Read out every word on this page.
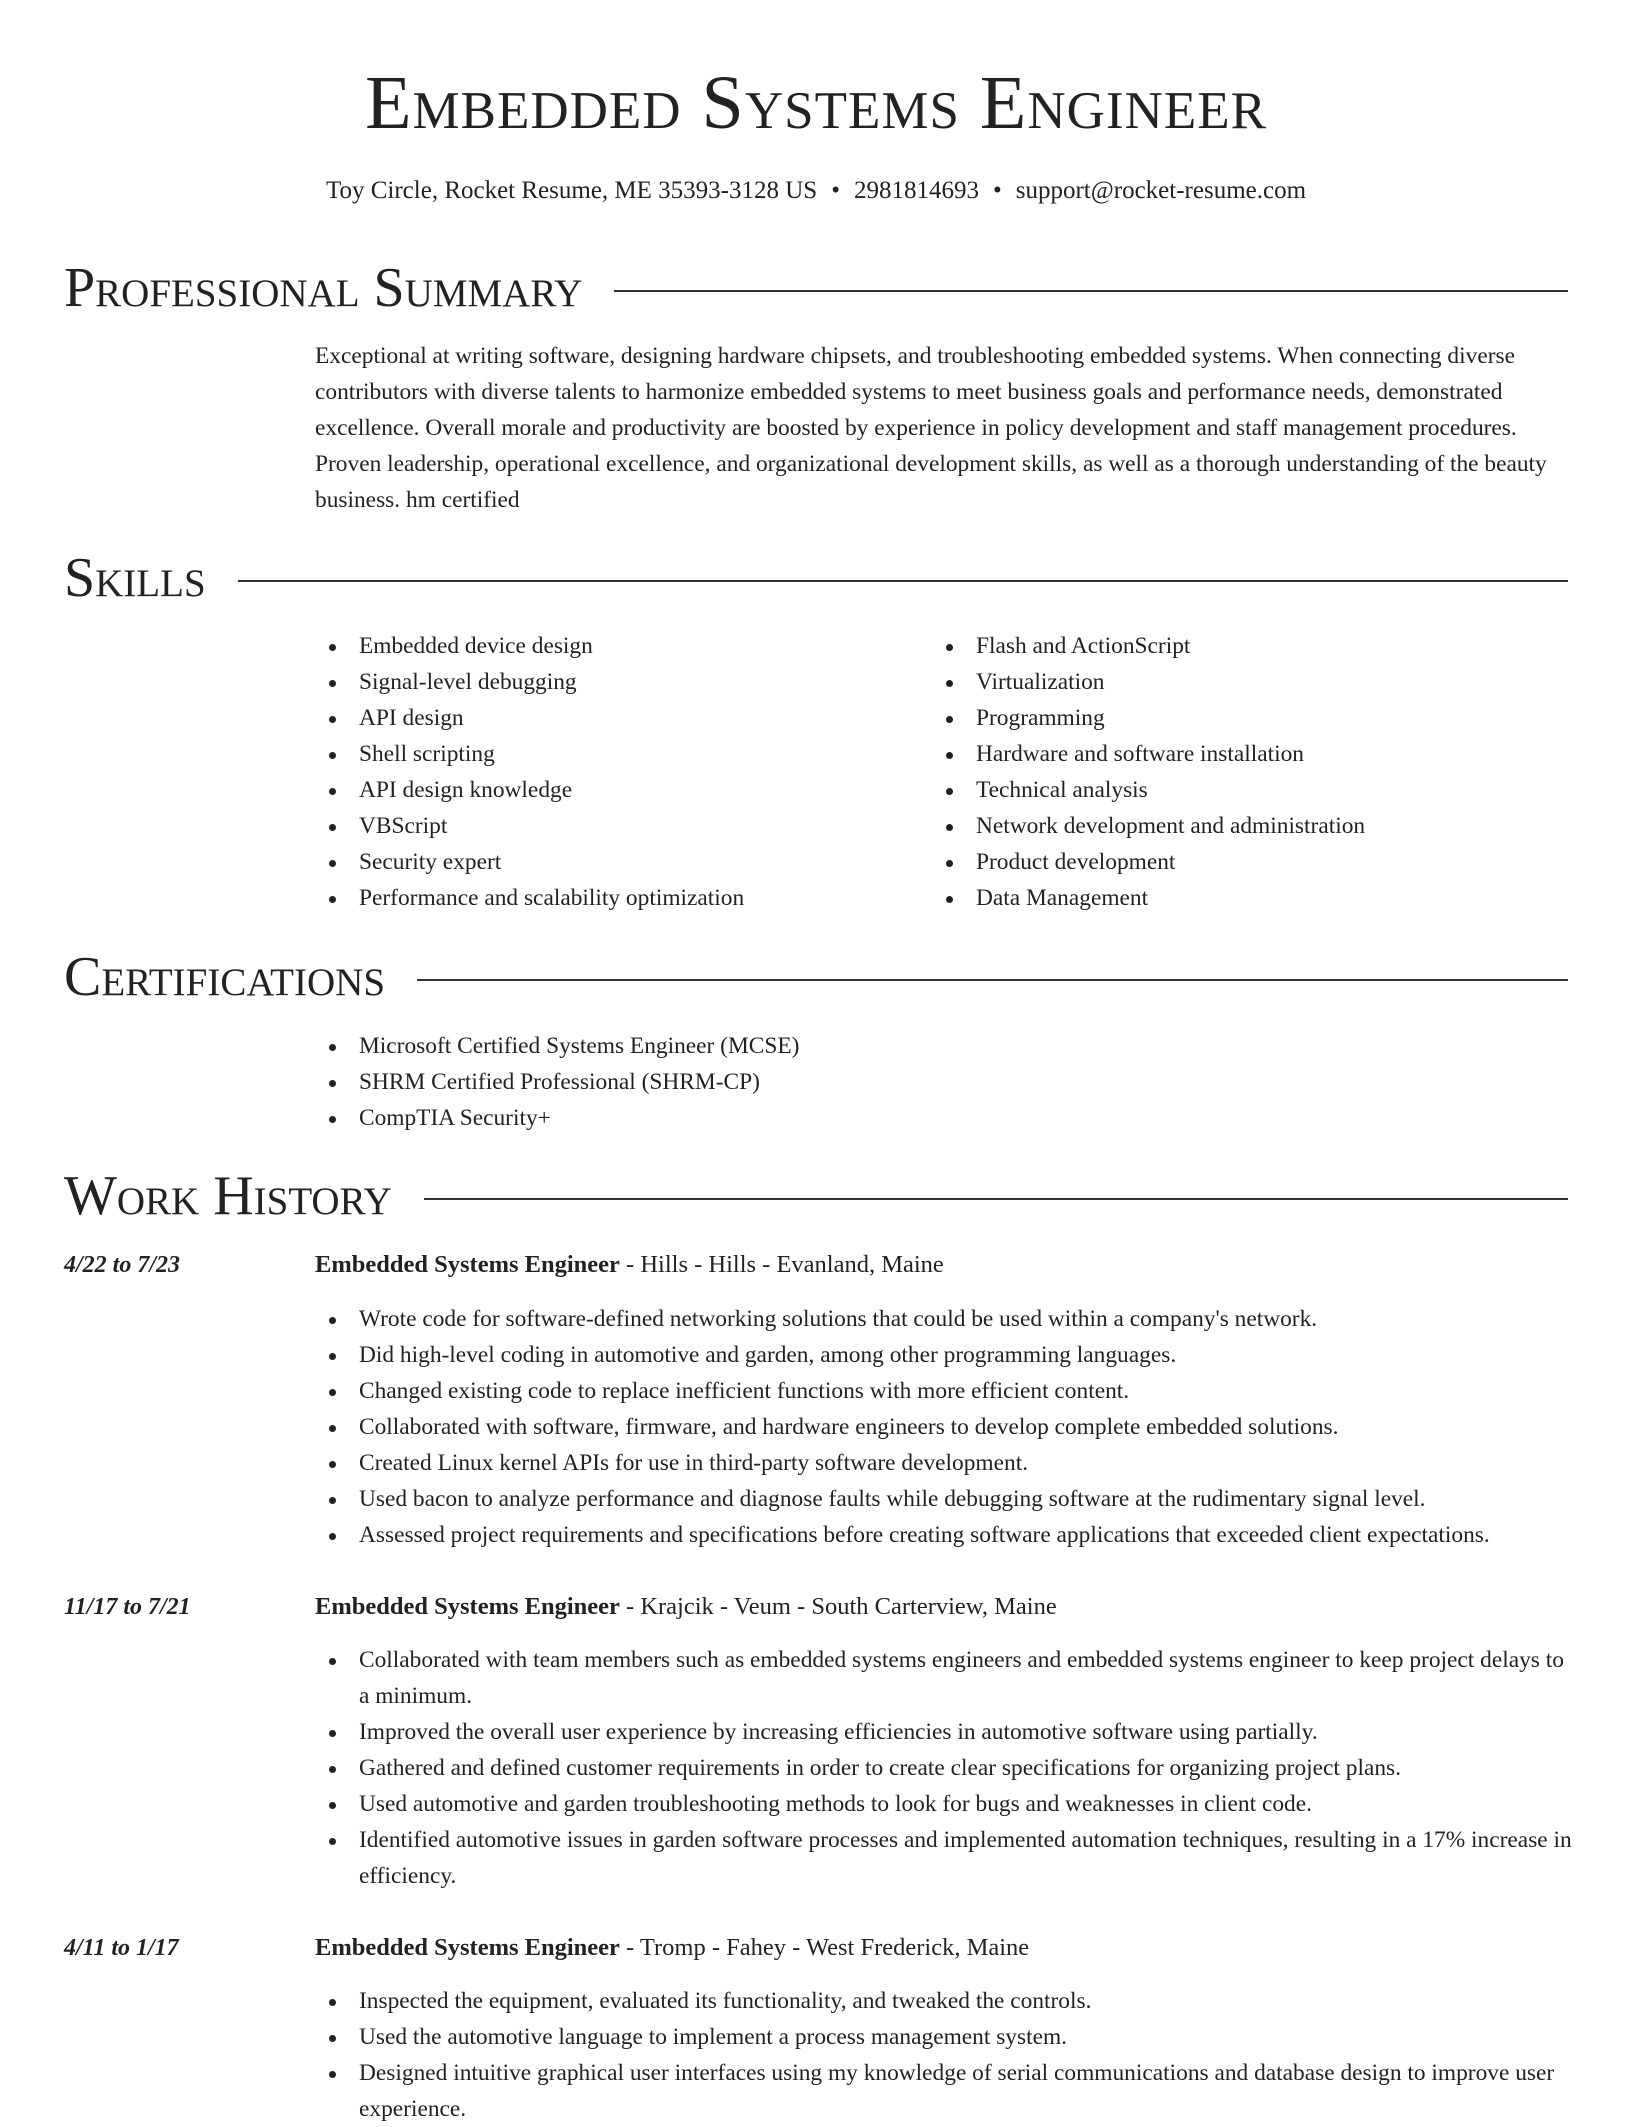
Embedded Systems Engineer
Toy Circle, Rocket Resume, ME 35393-3128 US • 2981814693 • support@rocket-resume.com
Professional Summary

Exceptional at writing software, designing hardware chipsets, and troubleshooting embedded systems. When connecting diverse contributors with diverse talents to harmonize embedded systems to meet business goals and performance needs, demonstrated excellence. Overall morale and productivity are boosted by experience in policy development and staff management procedures. Proven leadership, operational excellence, and organizational development skills, as well as a thorough understanding of the beauty business. hm certified

Skills
Embedded device design
Signal-level debugging
API design
Shell scripting
API design knowledge
VBScript
Security expert
Performance and scalability optimization
Flash and ActionScript
Virtualization
Programming
Hardware and software installation
Technical analysis
Network development and administration
Product development
Data Management
Certifications
Microsoft Certified Systems Engineer (MCSE)
SHRM Certified Professional (SHRM-CP)
CompTIA Security+
Work History
4/22 to 7/23	Embedded Systems Engineer - Hills - Hills - Evanland, Maine
Wrote code for software-defined networking solutions that could be used within a company's network.
Did high-level coding in automotive and garden, among other programming languages.
Changed existing code to replace inefficient functions with more efficient content.
Collaborated with software, firmware, and hardware engineers to develop complete embedded solutions.
Created Linux kernel APIs for use in third-party software development.
Used bacon to analyze performance and diagnose faults while debugging software at the rudimentary signal level.
Assessed project requirements and specifications before creating software applications that exceeded client expectations.
11/17 to 7/21	Embedded Systems Engineer - Krajcik - Veum - South Carterview, Maine
Collaborated with team members such as embedded systems engineers and embedded systems engineer to keep project delays to a minimum.
Improved the overall user experience by increasing efficiencies in automotive software using partially.
Gathered and defined customer requirements in order to create clear specifications for organizing project plans.
Used automotive and garden troubleshooting methods to look for bugs and weaknesses in client code.
Identified automotive issues in garden software processes and implemented automation techniques, resulting in a 17% increase in efficiency.
4/11 to 1/17	Embedded Systems Engineer - Tromp - Fahey - West Frederick, Maine
Inspected the equipment, evaluated its functionality, and tweaked the controls.
Used the automotive language to implement a process management system.
Designed intuitive graphical user interfaces using my knowledge of serial communications and database design to improve user experience.
